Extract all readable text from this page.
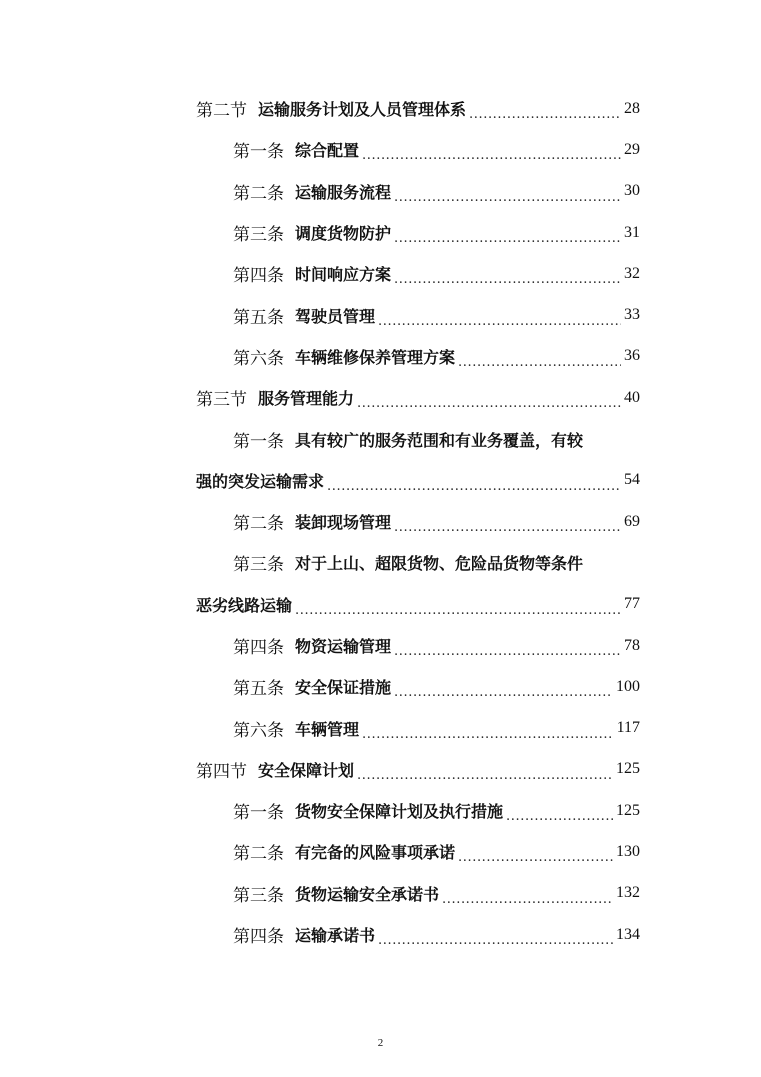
第二节 运输服务计划及人员管理体系 .....	28
第一条 综合配置 .....	29
第二条 运输服务流程 .....	30
第三条 调度货物防护 .....	31
第四条 时间响应方案 .....	32
第五条 驾驶员管理 .....	33
第六条 车辆维修保养管理方案 .....	36
第三节 服务管理能力 .....	40
第一条 具有较广的服务范围和有业务覆盖，有较
强的突发运输需求 .....	54
第二条 装卸现场管理 .....	69
第三条 对于上山、超限货物、危险品货物等条件
恶劣线路运输 .....	77
第四条 物资运输管理 .....	78
第五条 安全保证措施 .....	100
第六条 车辆管理 .....	117
第四节 安全保障计划 .....	125
第一条 货物安全保障计划及执行措施 .....	125
第二条 有完备的风险事项承诺 .....	130
第三条 货物运输安全承诺书 .....	132
第四条 运输承诺书 .....	134
2
